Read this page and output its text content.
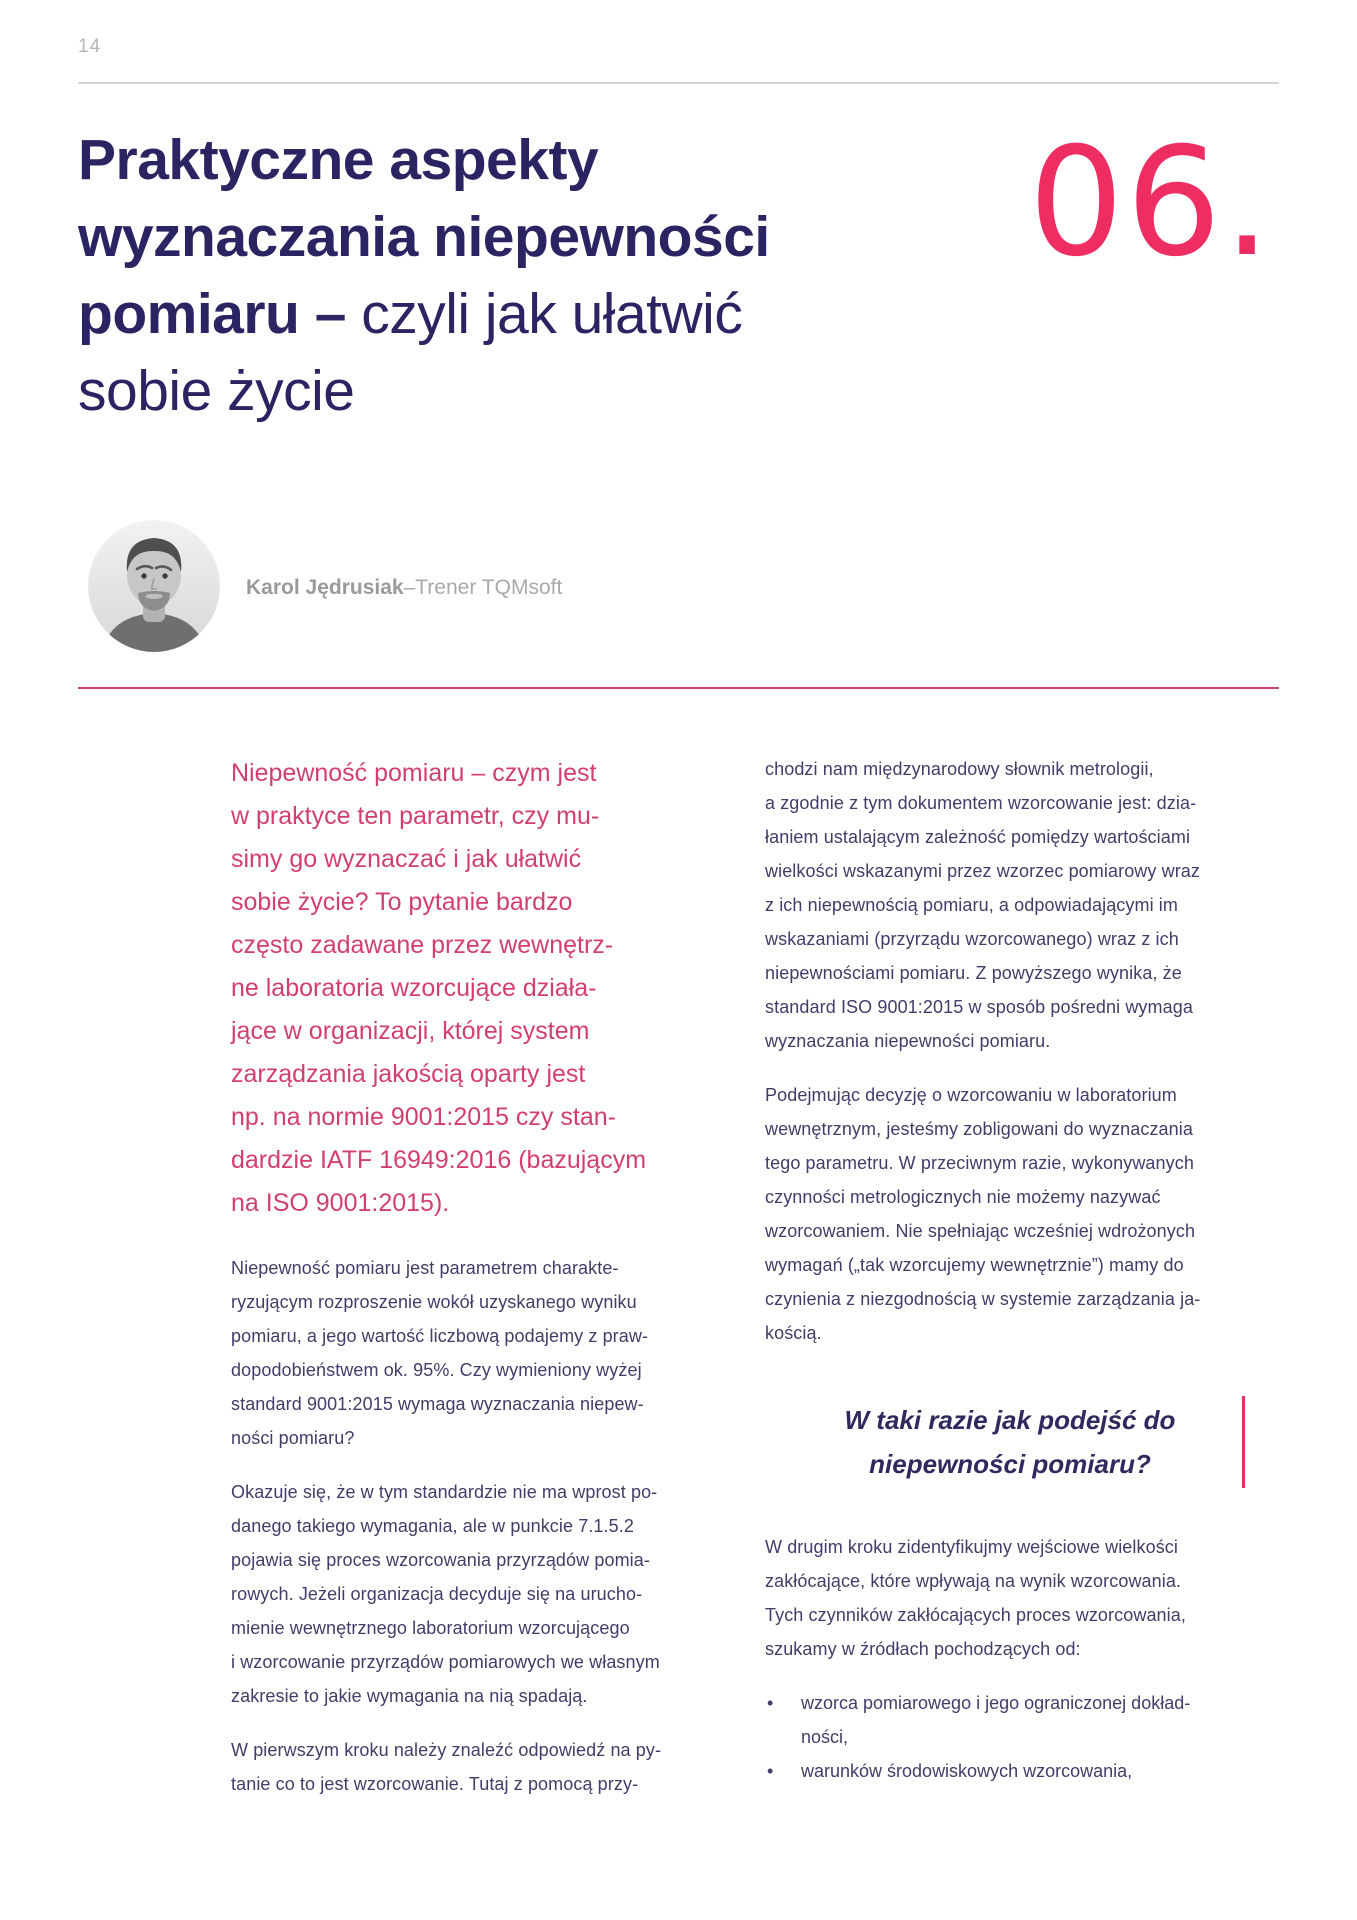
14
Praktyczne aspekty
wyznaczania niepewności
pomiaru – czyli jak ułatwić
sobie życie
06.
Karol Jędrusiak–Trener TQMsoft

Niepewność pomiaru – czym jest
w praktyce ten parametr, czy mu-
simy go wyznaczać i jak ułatwić
sobie życie? To pytanie bardzo
często zadawane przez wewnętrz-
ne laboratoria wzorcujące działa-
jące w organizacji, której system
zarządzania jakością oparty jest
np. na normie 9001:2015 czy stan-
dardzie IATF 16949:2016 (bazującym
na ISO 9001:2015).

Niepewność pomiaru jest parametrem charakte-
ryzującym rozproszenie wokół uzyskanego wyniku
pomiaru, a jego wartość liczbową podajemy z praw-
dopodobieństwem ok. 95%. Czy wymieniony wyżej
standard 9001:2015 wymaga wyznaczania niepew-
ności pomiaru?

Okazuje się, że w tym standardzie nie ma wprost po-
danego takiego wymagania, ale w punkcie 7.1.5.2
pojawia się proces wzorcowania przyrządów pomia-
rowych. Jeżeli organizacja decyduje się na urucho-
mienie wewnętrznego laboratorium wzorcującego
i wzorcowanie przyrządów pomiarowych we własnym
zakresie to jakie wymagania na nią spadają.

W pierwszym kroku należy znaleźć odpowiedź na py-
tanie co to jest wzorcowanie. Tutaj z pomocą przy-

chodzi nam międzynarodowy słownik metrologii,
a zgodnie z tym dokumentem wzorcowanie jest: dzia-
łaniem ustalającym zależność pomiędzy wartościami
wielkości wskazanymi przez wzorzec pomiarowy wraz
z ich niepewnością pomiaru, a odpowiadającymi im
wskazaniami (przyrządu wzorcowanego) wraz z ich
niepewnościami pomiaru. Z powyższego wynika, że
standard ISO 9001:2015 w sposób pośredni wymaga
wyznaczania niepewności pomiaru.

Podejmując decyzję o wzorcowaniu w laboratorium
wewnętrznym, jesteśmy zobligowani do wyznaczania
tego parametru. W przeciwnym razie, wykonywanych
czynności metrologicznych nie możemy nazywać
wzorcowaniem. Nie spełniając wcześniej wdrożonych
wymagań („tak wzorcujemy wewnętrznie”) mamy do
czynienia z niezgodnością w systemie zarządzania ja-
kością.

W taki razie jak podejść do
niepewności pomiaru?

W drugim kroku zidentyfikujmy wejściowe wielkości
zakłócające, które wpływają na wynik wzorcowania.
Tych czynników zakłócających proces wzorcowania,
szukamy w źródłach pochodzących od:

•	wzorca pomiarowego i jego ograniczonej dokład-
ności,
•	warunków środowiskowych wzorcowania,
